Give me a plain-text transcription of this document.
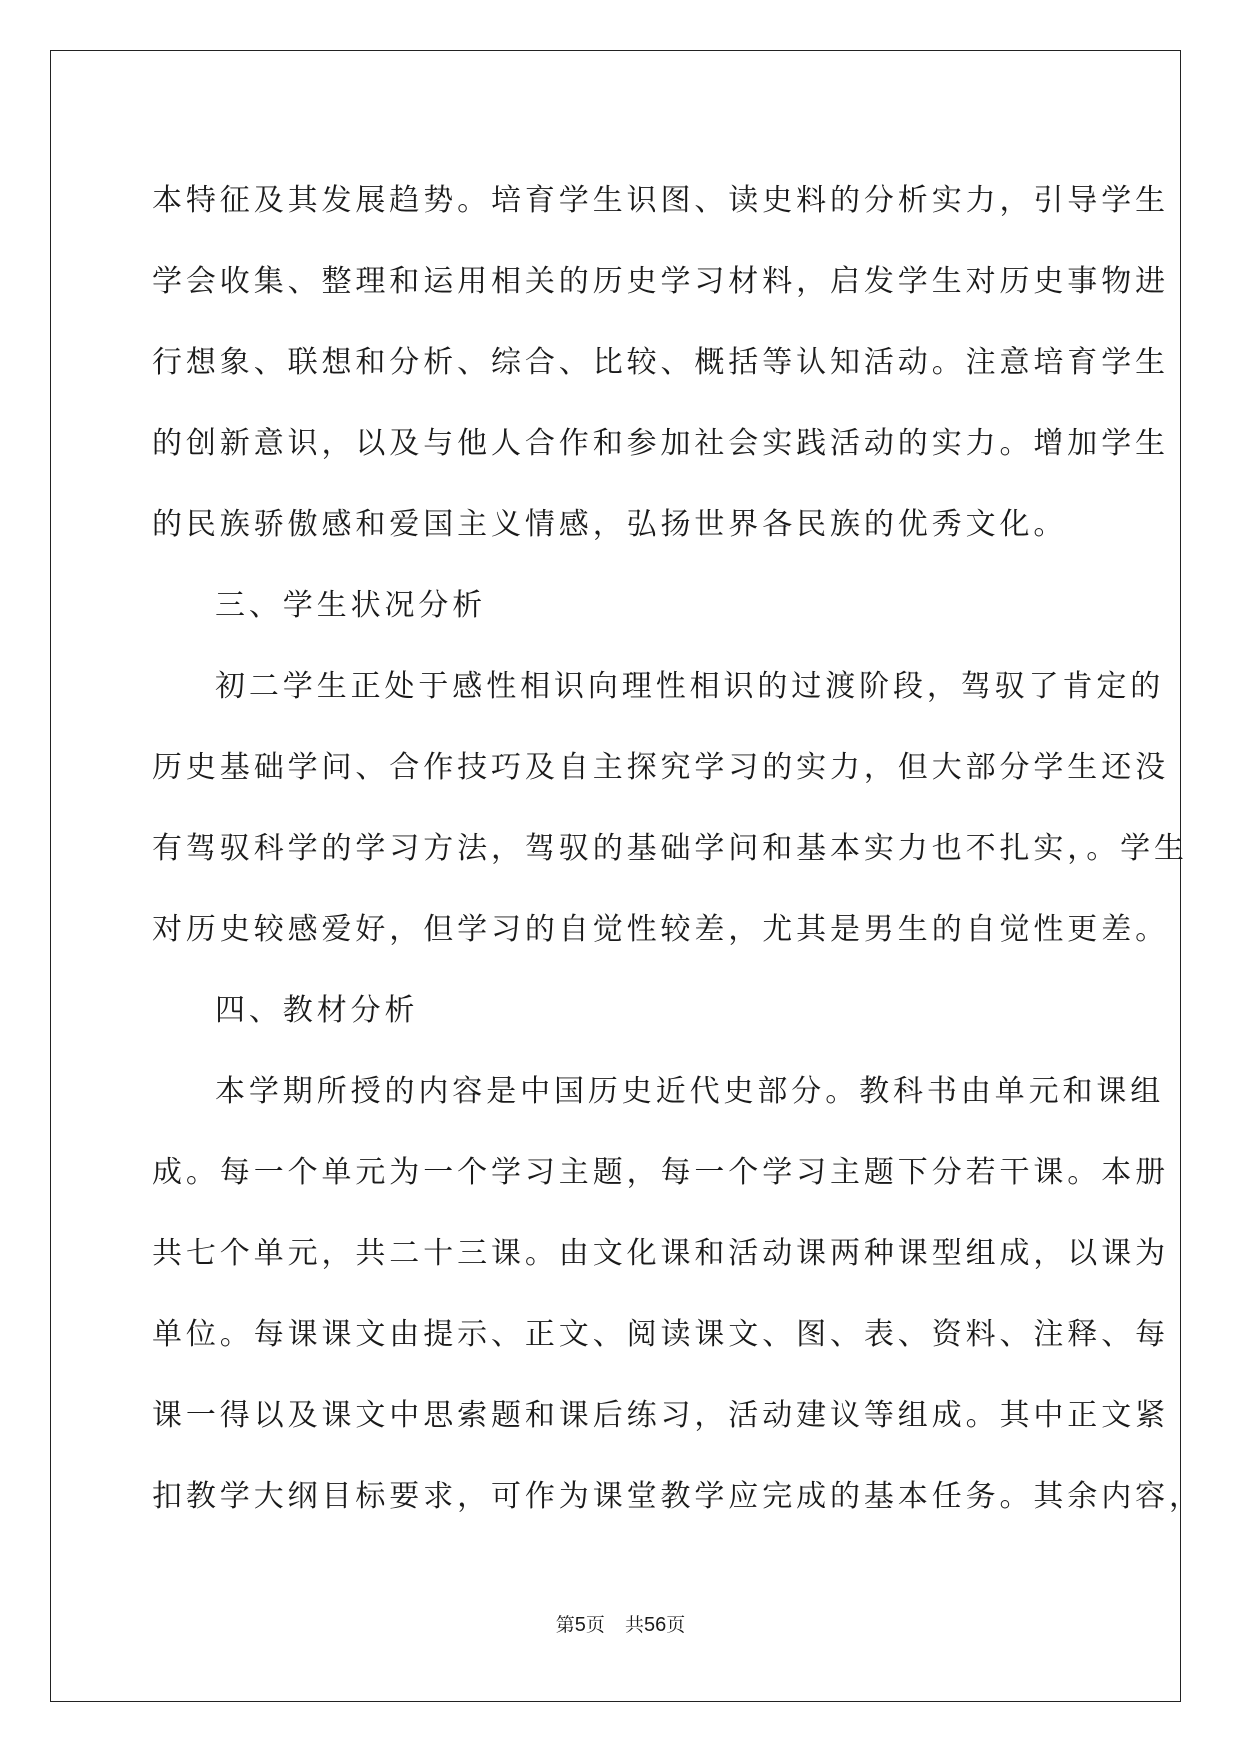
本特征及其发展趋势。培育学生识图、读史料的分析实力，引导学生
学会收集、整理和运用相关的历史学习材料，启发学生对历史事物进
行想象、联想和分析、综合、比较、概括等认知活动。注意培育学生
的创新意识，以及与他人合作和参加社会实践活动的实力。增加学生
的民族骄傲感和爱国主义情感，弘扬世界各民族的优秀文化。
三、学生状况分析
初二学生正处于感性相识向理性相识的过渡阶段，驾驭了肯定的
历史基础学问、合作技巧及自主探究学习的实力，但大部分学生还没
有驾驭科学的学习方法，驾驭的基础学问和基本实力也不扎实，。学生
对历史较感爱好，但学习的自觉性较差，尤其是男生的自觉性更差。
四、教材分析
本学期所授的内容是中国历史近代史部分。教科书由单元和课组
成。每一个单元为一个学习主题，每一个学习主题下分若干课。本册
共七个单元，共二十三课。由文化课和活动课两种课型组成，以课为
单位。每课课文由提示、正文、阅读课文、图、表、资料、注释、每
课一得以及课文中思索题和课后练习，活动建议等组成。其中正文紧
扣教学大纲目标要求，可作为课堂教学应完成的基本任务。其余内容，
第5页 共56页
